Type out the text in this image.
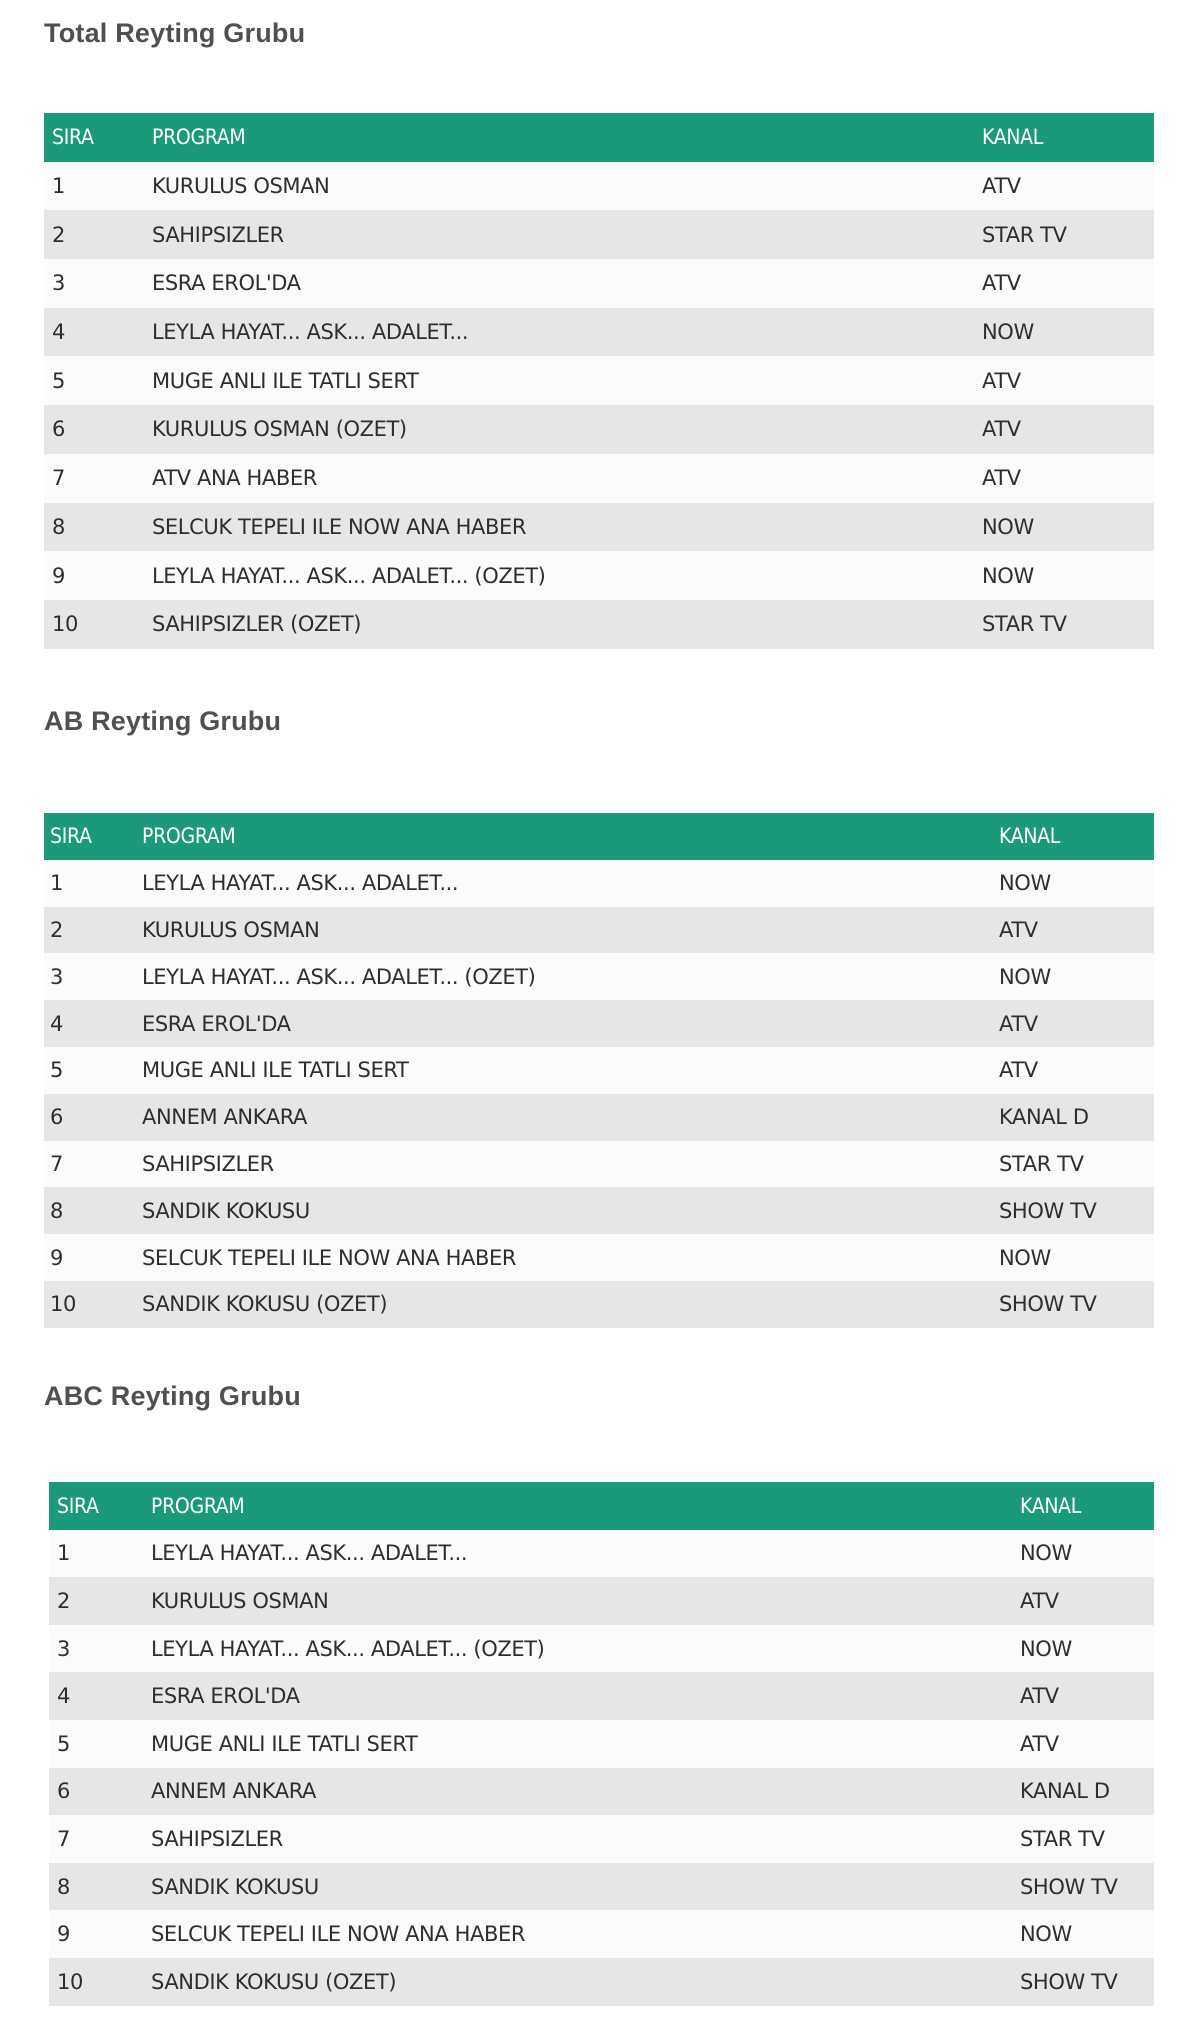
Total Reyting Grubu
SIRA	PROGRAM	KANAL
1	KURULUS OSMAN	ATV
2	SAHIPSIZLER	STAR TV
3	ESRA EROL'DA	ATV
4	LEYLA HAYAT... ASK... ADALET...	NOW
5	MUGE ANLI ILE TATLI SERT	ATV
6	KURULUS OSMAN (OZET)	ATV
7	ATV ANA HABER	ATV
8	SELCUK TEPELI ILE NOW ANA HABER	NOW
9	LEYLA HAYAT... ASK... ADALET... (OZET)	NOW
10	SAHIPSIZLER (OZET)	STAR TV
AB Reyting Grubu
SIRA	PROGRAM	KANAL
1	LEYLA HAYAT... ASK... ADALET...	NOW
2	KURULUS OSMAN	ATV
3	LEYLA HAYAT... ASK... ADALET... (OZET)	NOW
4	ESRA EROL'DA	ATV
5	MUGE ANLI ILE TATLI SERT	ATV
6	ANNEM ANKARA	KANAL D
7	SAHIPSIZLER	STAR TV
8	SANDIK KOKUSU	SHOW TV
9	SELCUK TEPELI ILE NOW ANA HABER	NOW
10	SANDIK KOKUSU (OZET)	SHOW TV
ABC Reyting Grubu
SIRA	PROGRAM	KANAL
1	LEYLA HAYAT... ASK... ADALET...	NOW
2	KURULUS OSMAN	ATV
3	LEYLA HAYAT... ASK... ADALET... (OZET)	NOW
4	ESRA EROL'DA	ATV
5	MUGE ANLI ILE TATLI SERT	ATV
6	ANNEM ANKARA	KANAL D
7	SAHIPSIZLER	STAR TV
8	SANDIK KOKUSU	SHOW TV
9	SELCUK TEPELI ILE NOW ANA HABER	NOW
10	SANDIK KOKUSU (OZET)	SHOW TV
